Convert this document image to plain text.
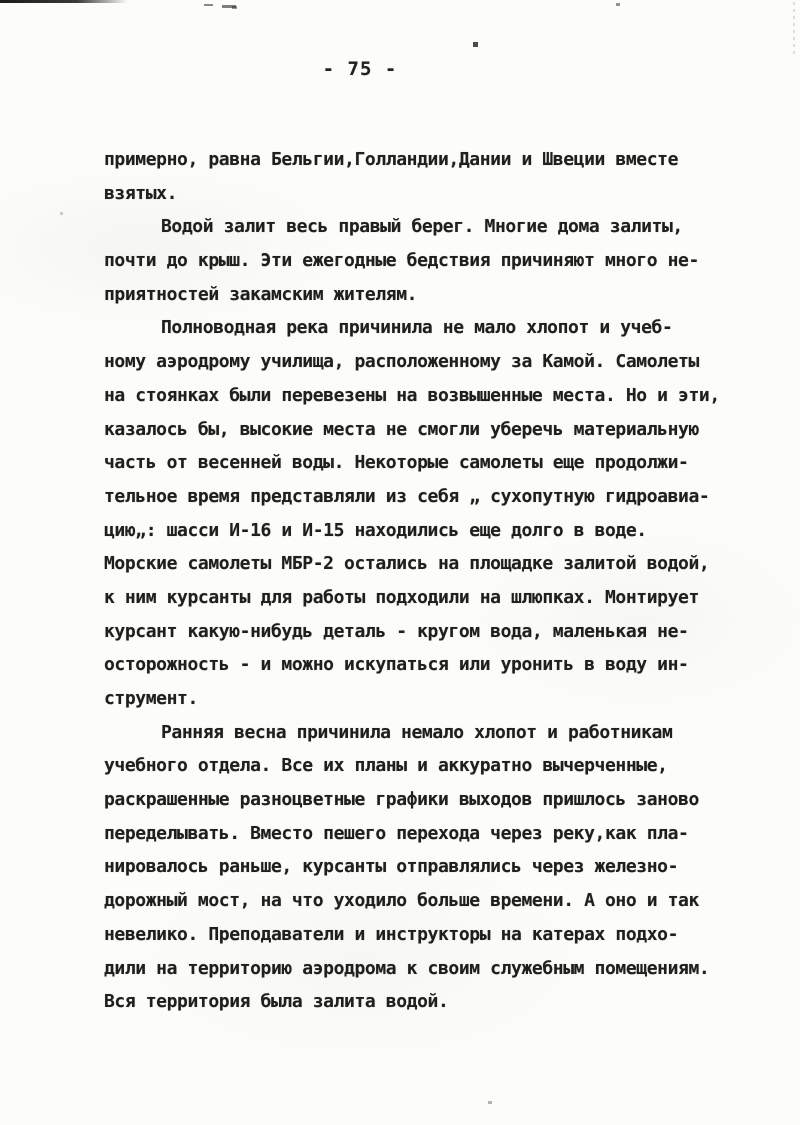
- 75 -
примерно, равна Бельгии,Голландии,Дании и Швеции вместе
взятых.
Водой залит весь правый берег. Многие дома залиты,
почти до крыш. Эти ежегодные бедствия причиняют много не-
приятностей закамским жителям.
Полноводная река причинила не мало хлопот и учеб-
ному аэродрому училища, расположенному за Камой. Самолеты
на стоянках были перевезены на возвышенные места. Но и эти,
казалось бы, высокие места не смогли уберечь материальную
часть от весенней воды. Некоторые самолеты еще продолжи-
тельное время представляли из себя „ сухопутную гидроавиа-
цию„: шасси И-16 и И-15 находились еще долго в воде.
Морские самолеты МБР-2 остались на площадке залитой водой,
к ним курсанты для работы подходили на шлюпках. Монтирует
курсант какую-нибудь деталь - кругом вода, маленькая не-
осторожность - и можно искупаться или уронить в воду ин-
струмент.
Ранняя весна причинила немало хлопот и работникам
учебного отдела. Все их планы и аккуратно вычерченные,
раскрашенные разноцветные графики выходов пришлось заново
переделывать. Вместо пешего перехода через реку,как пла-
нировалось раньше, курсанты отправлялись через железно-
дорожный мост, на что уходило больше времени. А оно и так
невелико. Преподаватели и инструкторы на катерах подхо-
дили на территорию аэродрома к своим служебным помещениям.
Вся территория была залита водой.
